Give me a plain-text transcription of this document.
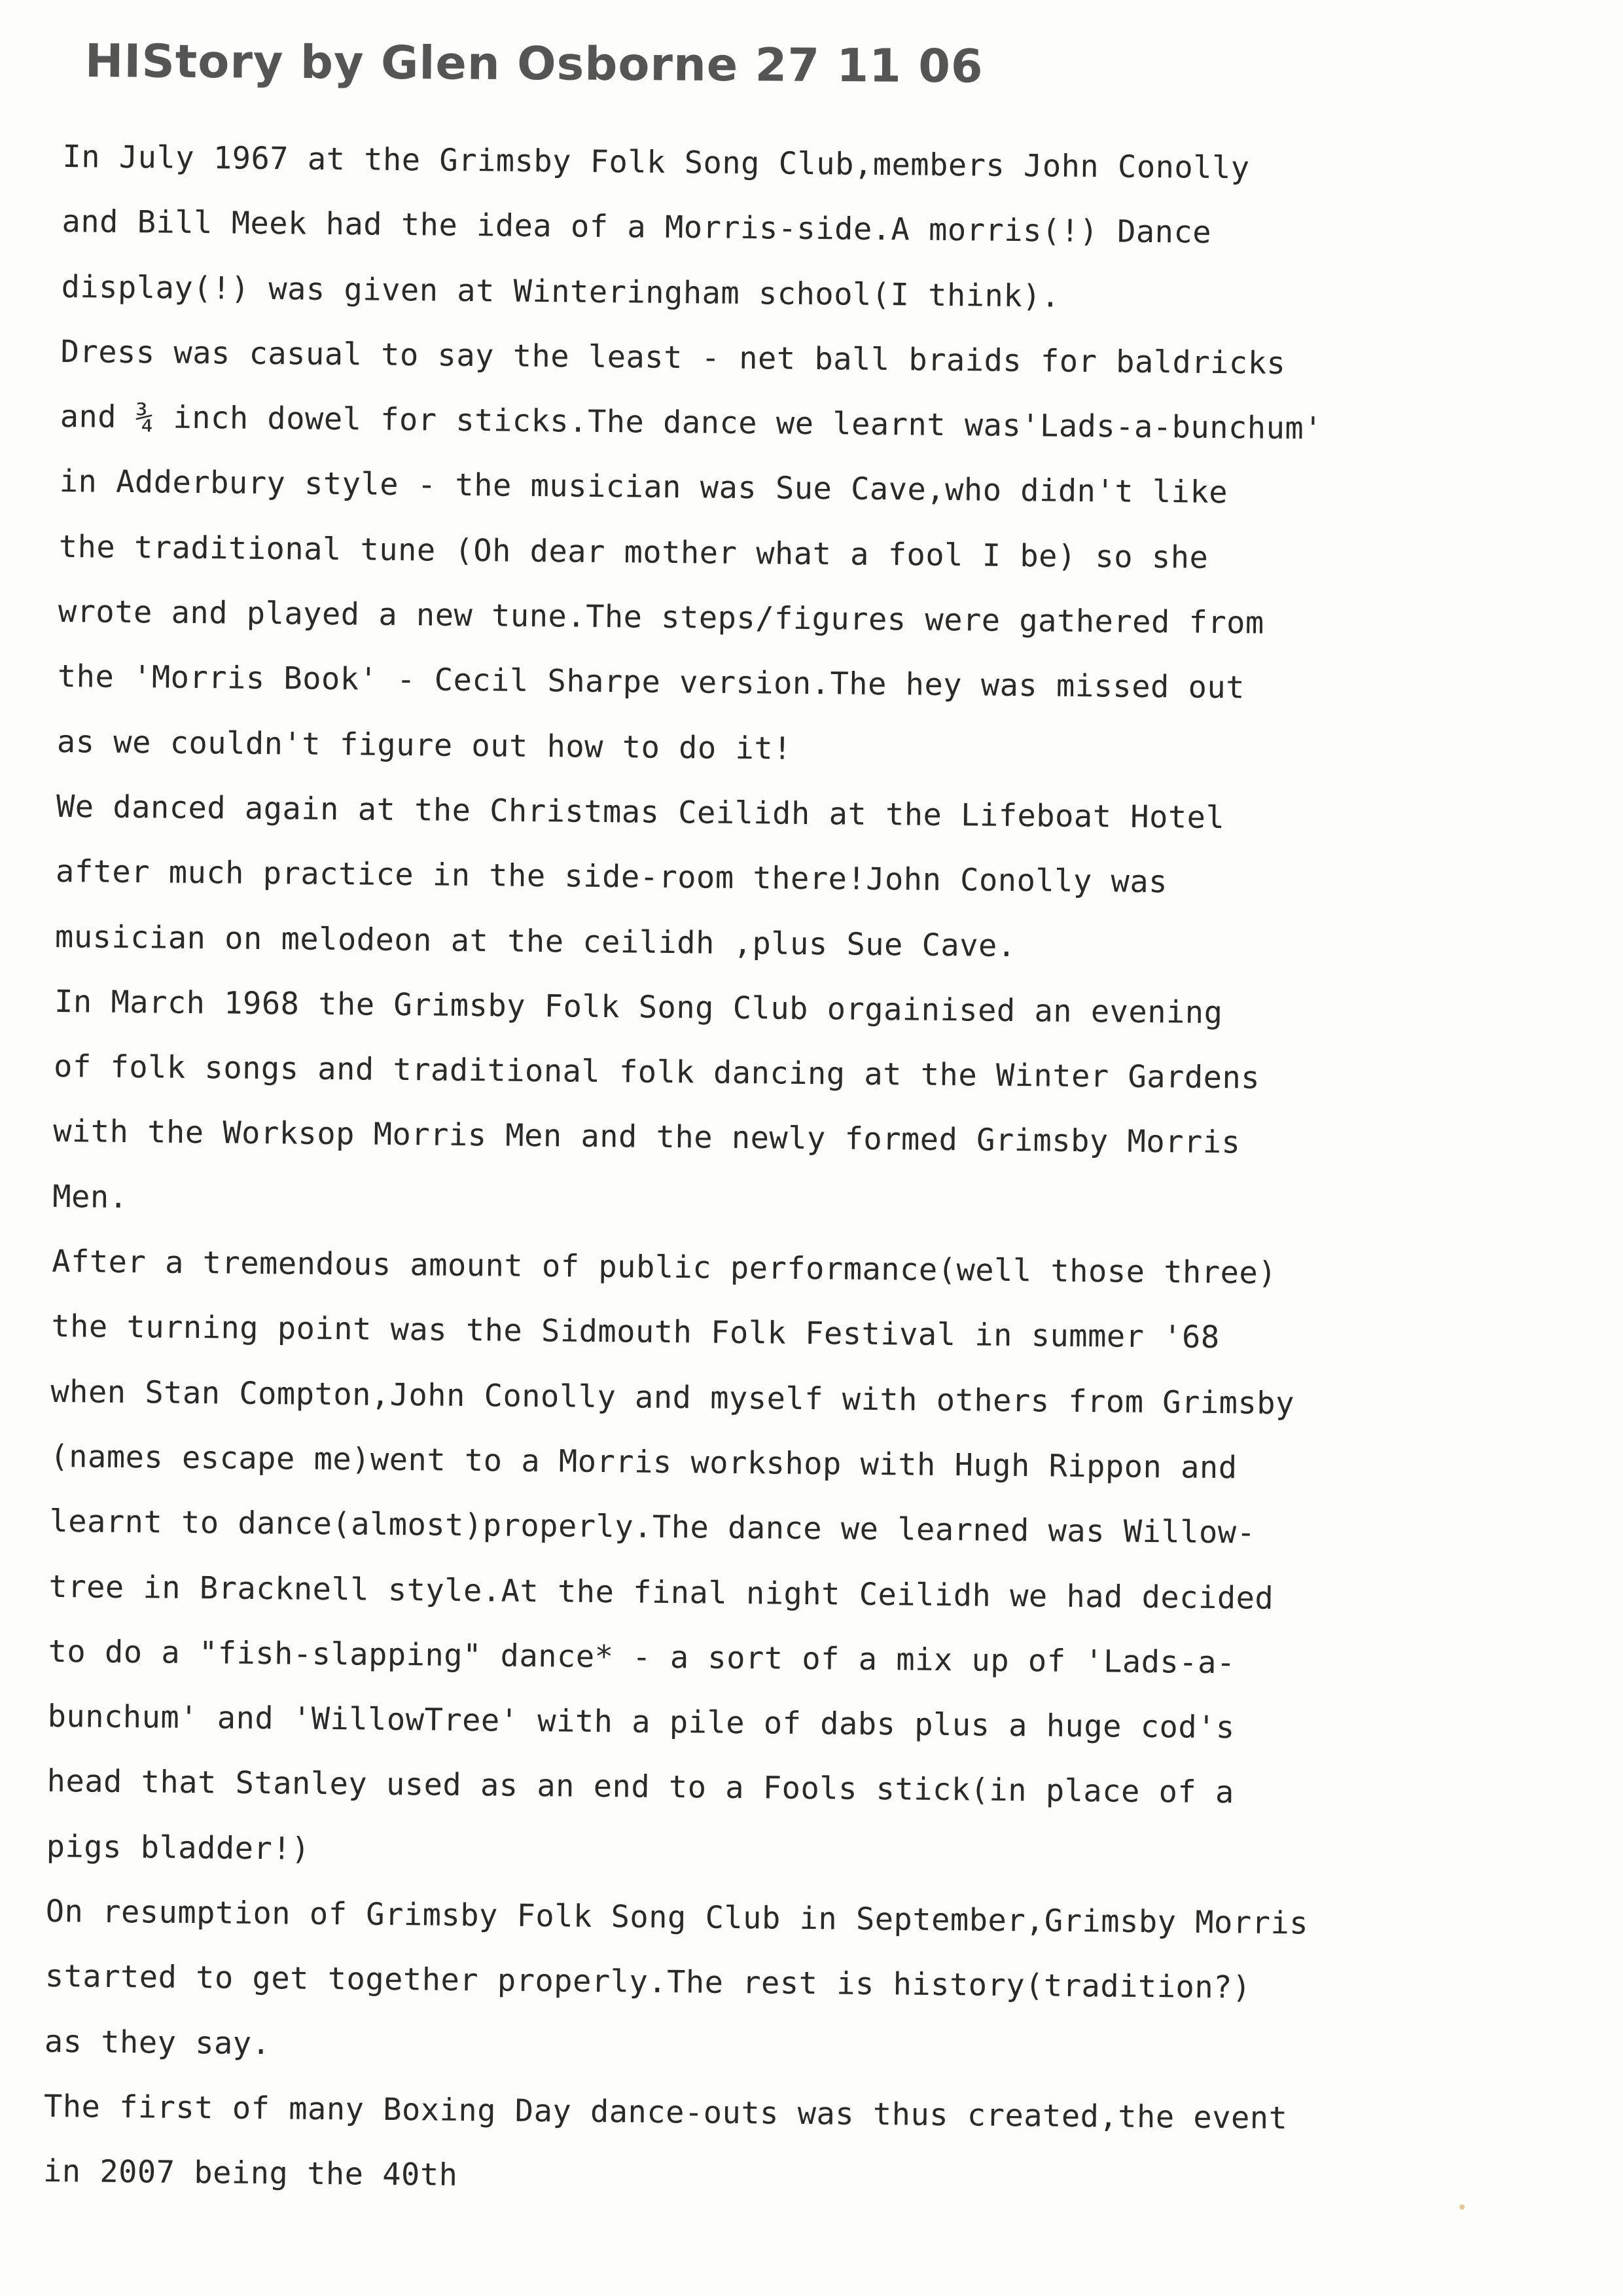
HIStory by Glen Osborne 27 11 06
In July 1967 at the Grimsby Folk Song Club,members John Conolly
and Bill Meek had the idea of a Morris-side.A morris(!) Dance
display(!) was given at Winteringham school(I think).
Dress was casual to say the least - net ball braids for baldricks
and ¾ inch dowel for sticks.The dance we learnt was'Lads-a-bunchum'
in Adderbury style - the musician was Sue Cave,who didn't like
the traditional tune (Oh dear mother what a fool I be) so she
wrote and played a new tune.The steps/figures were gathered from
the 'Morris Book' - Cecil Sharpe version.The hey was missed out
as we couldn't figure out how to do it!
We danced again at the Christmas Ceilidh at the Lifeboat Hotel
after much practice in the side-room there!John Conolly was
musician on melodeon at the ceilidh ,plus Sue Cave.
In March 1968 the Grimsby Folk Song Club orgainised an evening
of folk songs and traditional folk dancing at the Winter Gardens
with the Worksop Morris Men and the newly formed Grimsby Morris
Men.
After a tremendous amount of public performance(well those three)
the turning point was the Sidmouth Folk Festival in summer '68
when Stan Compton,John Conolly and myself with others from Grimsby
(names escape me)went to a Morris workshop with Hugh Rippon and
learnt to dance(almost)properly.The dance we learned was Willow-
tree in Bracknell style.At the final night Ceilidh we had decided
to do a "fish-slapping" dance* - a sort of a mix up of 'Lads-a-
bunchum' and 'WillowTree' with a pile of dabs plus a huge cod's
head that Stanley used as an end to a Fools stick(in place of a
pigs bladder!)
On resumption of Grimsby Folk Song Club in September,Grimsby Morris
started to get together properly.The rest is history(tradition?)
as they say.
The first of many Boxing Day dance-outs was thus created,the event
in 2007 being the 40th
